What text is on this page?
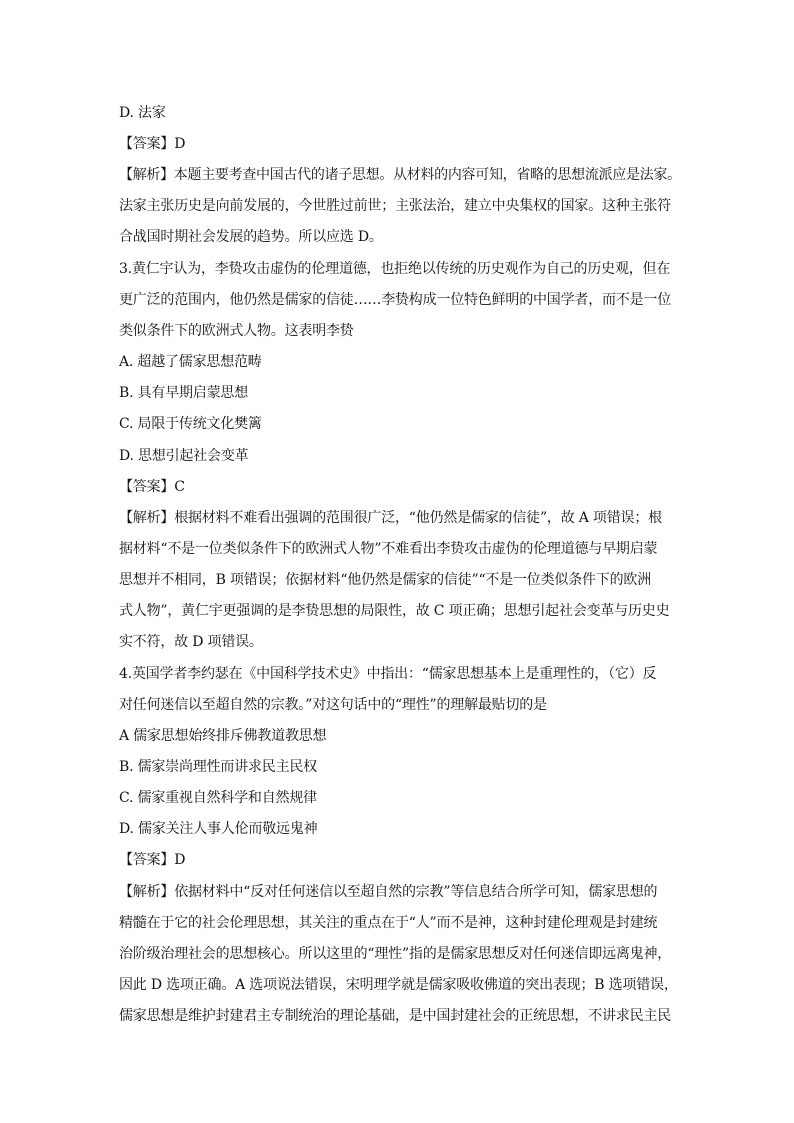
D. 法家
【答案】D
【解析】本题主要考查中国古代的诸子思想。从材料的内容可知，省略的思想流派应是法家。
法家主张历史是向前发展的，今世胜过前世；主张法治，建立中央集权的国家。这种主张符
合战国时期社会发展的趋势。所以应选 D。
3.黄仁宇认为，李贽攻击虚伪的伦理道德，也拒绝以传统的历史观作为自己的历史观，但在
更广泛的范围内，他仍然是儒家的信徒……李贽构成一位特色鲜明的中国学者，而不是一位
类似条件下的欧洲式人物。这表明李贽
A. 超越了儒家思想范畴
B. 具有早期启蒙思想
C. 局限于传统文化樊篱
D. 思想引起社会变革
【答案】C
【解析】根据材料不难看出强调的范围很广泛，“他仍然是儒家的信徒”，故 A 项错误；根
据材料“不是一位类似条件下的欧洲式人物”不难看出李贽攻击虚伪的伦理道德与早期启蒙
思想并不相同，B 项错误；依据材料“他仍然是儒家的信徒”“不是一位类似条件下的欧洲
式人物”，黄仁宇更强调的是李贽思想的局限性，故 C 项正确；思想引起社会变革与历史史
实不符，故 D 项错误。
4.英国学者李约瑟在《中国科学技术史》中指出：“儒家思想基本上是重理性的，（它）反
对任何迷信以至超自然的宗教。”对这句话中的“理性”的理解最贴切的是
A 儒家思想始终排斥佛教道教思想
B. 儒家崇尚理性而讲求民主民权
C. 儒家重视自然科学和自然规律
D. 儒家关注人事人伦而敬远鬼神
【答案】D
【解析】依据材料中“反对任何迷信以至超自然的宗教”等信息结合所学可知，儒家思想的
精髓在于它的社会伦理思想，其关注的重点在于“人”而不是神，这种封建伦理观是封建统
治阶级治理社会的思想核心。所以这里的“理性”指的是儒家思想反对任何迷信即远离鬼神，
因此 D 选项正确。A 选项说法错误，宋明理学就是儒家吸收佛道的突出表现；B 选项错误，
儒家思想是维护封建君主专制统治的理论基础，是中国封建社会的正统思想，不讲求民主民
